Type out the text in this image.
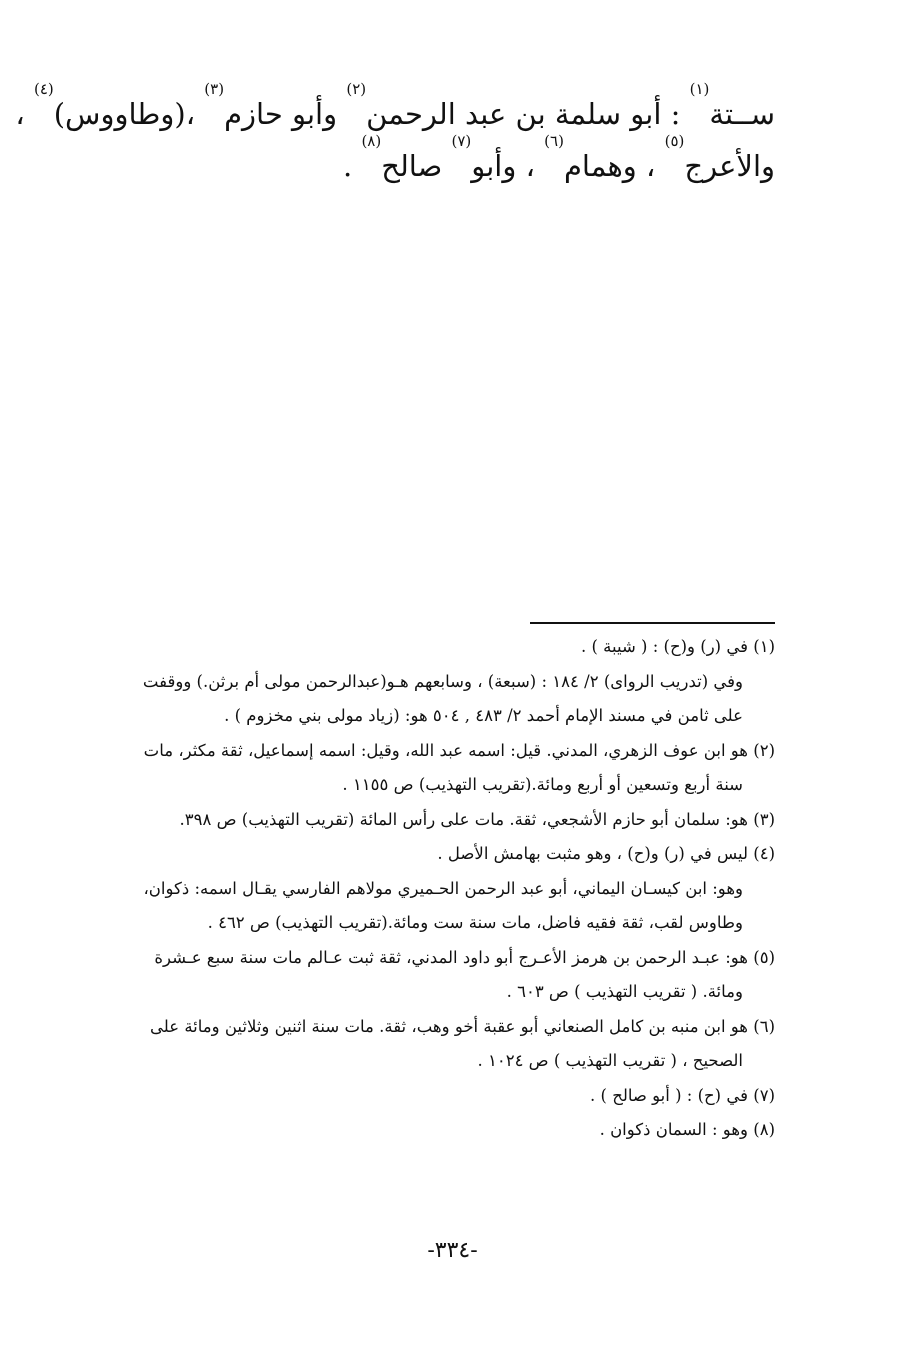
ســتة$^{(١)}$ : أبو سلمة بن عبد الرحمن$^{(٢)}$ وأبو حازم$^{(٣)}$ ،(وطاووس)$^{(٤)}$ ،
والأعرج$^{(٥)}$ ، وهمام$^{(٦)}$ ، وأبو$^{(٧)}$ صالح$^{(٨)}$ .
(١) في (ر) و(ح) : ( شيبة ) .
وفي (تدريب الرواى) ٢/ ١٨٤ : (سبعة) ، وسابعهم هـو(عبدالرحمن مولى أم برثن.) ووقفت
على ثامن في مسند الإمام أحمد ٢/ ٤٨٣ , ٥٠٤ هو: (زياد مولى بني مخزوم ) .
(٢) هو ابن عوف الزهري، المدني. قيل: اسمه عبد الله، وقيل: اسمه إسماعيل، ثقة مكثر، مات
سنة أربع وتسعين أو أربع ومائة.(تقريب التهذيب) ص ١١٥٥ .
(٣) هو: سلمان أبو حازم الأشجعي، ثقة. مات على رأس المائة (تقريب التهذيب) ص ٣٩٨.
(٤) ليس في (ر) و(ح) ، وهو مثبت بهامش الأصل .
وهو: ابن كيسـان اليماني، أبو عبد الرحمن الحـميري مولاهم الفارسي يقـال اسمه: ذكوان،
وطاوس لقب، ثقة فقيه فاضل، مات سنة ست ومائة.(تقريب التهذيب) ص ٤٦٢ .
(٥) هو: عبـد الرحمن بن هرمز الأعـرج أبو داود المدني، ثقة ثبت عـالم مات سنة سبع عـشرة
ومائة. ( تقريب التهذيب ) ص ٦٠٣ .
(٦) هو ابن منبه بن كامل الصنعاني أبو عقبة أخو وهب، ثقة. مات سنة اثنين وثلاثين ومائة على
الصحيح ، ( تقريب التهذيب ) ص ١٠٢٤ .
(٧) في (ح) : ( أبو صالح ) .
(٨) وهو : السمان ذكوان .
-٣٣٤-
